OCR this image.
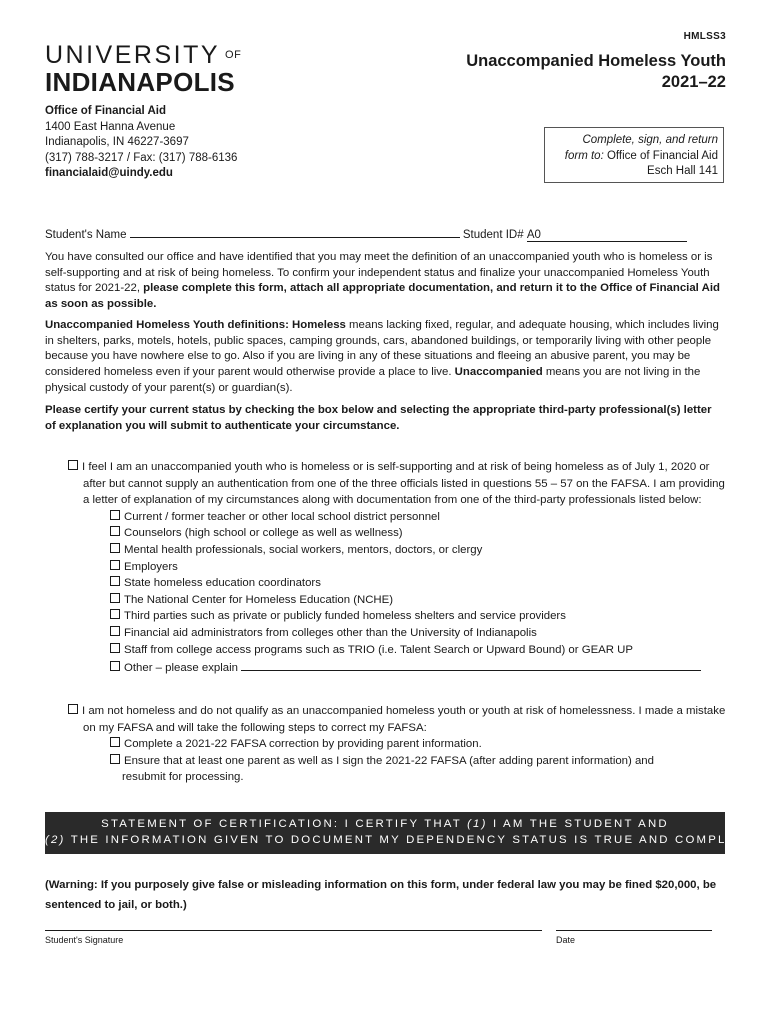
HMLSS3
UNIVERSITY $^{OF}$
INDIANAPOLIS
Unaccompanied Homeless Youth
2021–22
Office of Financial Aid
1400 East Hanna Avenue
Indianapolis, IN 46227-3697
(317) 788-3217 / Fax: (317) 788-6136
financialaid@uindy.edu
Complete, sign, and return
form to: Office of Financial Aid
Esch Hall 141
Student's Name	Student ID# A0
You have consulted our office and have identified that you may meet the definition of an unaccompanied youth who is homeless or is self-supporting and at risk of being homeless. To confirm your independent status and finalize your unaccompanied Homeless Youth status for 2021-22, please complete this form, attach all appropriate documentation, and return it to the Office of Financial Aid as soon as possible.
Unaccompanied Homeless Youth definitions: Homeless means lacking fixed, regular, and adequate housing, which includes living in shelters, parks, motels, hotels, public spaces, camping grounds, cars, abandoned buildings, or temporarily living with other people because you have nowhere else to go. Also if you are living in any of these situations and fleeing an abusive parent, you may be considered homeless even if your parent would otherwise provide a place to live. Unaccompanied means you are not living in the physical custody of your parent(s) or guardian(s).
Please certify your current status by checking the box below and selecting the appropriate third-party professional(s) letter of explanation you will submit to authenticate your circumstance.
I feel I am an unaccompanied youth who is homeless or is self-supporting and at risk of being homeless as of July 1, 2020 or after but cannot supply an authentication from one of the three officials listed in questions 55 – 57 on the FAFSA. I am providing a letter of explanation of my circumstances along with documentation from one of the third-party professionals listed below:
Current / former teacher or other local school district personnel
Counselors (high school or college as well as wellness)
Mental health professionals, social workers, mentors, doctors, or clergy
Employers
State homeless education coordinators
The National Center for Homeless Education (NCHE)
Third parties such as private or publicly funded homeless shelters and service providers
Financial aid administrators from colleges other than the University of Indianapolis
Staff from college access programs such as TRIO (i.e. Talent Search or Upward Bound) or GEAR UP
Other – please explain
I am not homeless and do not qualify as an unaccompanied homeless youth or youth at risk of homelessness. I made a mistake on my FAFSA and will take the following steps to correct my FAFSA:
Complete a 2021-22 FAFSA correction by providing parent information.
Ensure that at least one parent as well as I sign the 2021-22 FAFSA (after adding parent information) and
resubmit for processing.
STATEMENT OF CERTIFICATION: I CERTIFY THAT (1) I AM THE STUDENT AND
(2) THE INFORMATION GIVEN TO DOCUMENT MY DEPENDENCY STATUS IS TRUE AND COMPLETE
(Warning: If you purposely give false or misleading information on this form, under federal law you may be fined $20,000, be sentenced to jail, or both.)
Student's Signature	Date
